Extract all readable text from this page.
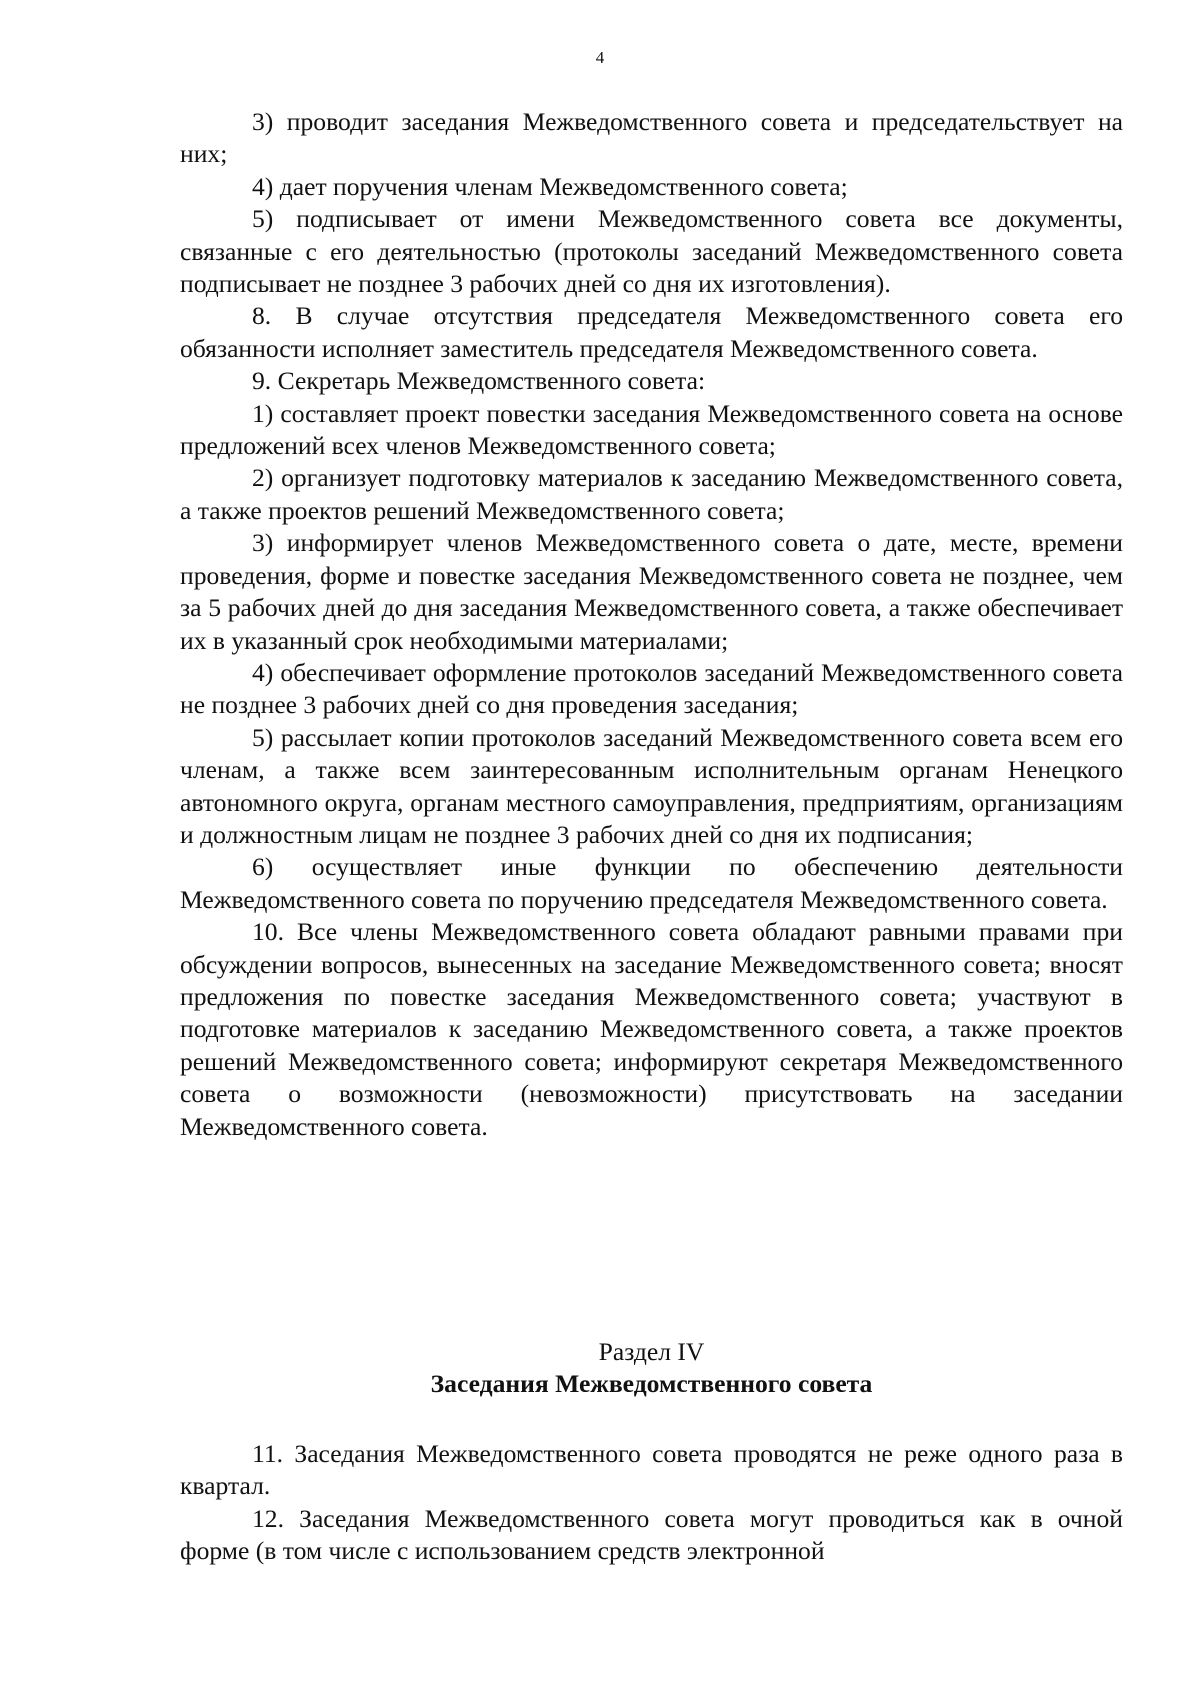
4

3) проводит заседания Межведомственного совета и председательствует на них;

4) дает поручения членам Межведомственного совета;

5) подписывает от имени Межведомственного совета все документы, связанные с его деятельностью (протоколы заседаний Межведомственного совета подписывает не позднее 3 рабочих дней со дня их изготовления).

8. В случае отсутствия председателя Межведомственного совета его обязанности исполняет заместитель председателя Межведомственного совета.

9. Секретарь Межведомственного совета:

1) составляет проект повестки заседания Межведомственного совета на основе предложений всех членов Межведомственного совета;

2) организует подготовку материалов к заседанию Межведомственного совета, а также проектов решений Межведомственного совета;

3) информирует членов Межведомственного совета о дате, месте, времени проведения, форме и повестке заседания Межведомственного совета не позднее, чем за 5 рабочих дней до дня заседания Межведомственного совета, а также обеспечивает их в указанный срок необходимыми материалами;

4) обеспечивает оформление протоколов заседаний Межведомственного совета не позднее 3 рабочих дней со дня проведения заседания;

5) рассылает копии протоколов заседаний Межведомственного совета всем его членам, а также всем заинтересованным исполнительным органам Ненецкого автономного округа, органам местного самоуправления, предприятиям, организациям и должностным лицам не позднее 3 рабочих дней со дня их подписания;

6) осуществляет иные функции по обеспечению деятельности Межведомственного совета по поручению председателя Межведомственного совета.

10. Все члены Межведомственного совета обладают равными правами при обсуждении вопросов, вынесенных на заседание Межведомственного совета; вносят предложения по повестке заседания Межведомственного совета; участвуют в подготовке материалов к заседанию Межведомственного совета, а также проектов решений Межведомственного совета; информируют секретаря Межведомственного совета о возможности (невозможности) присутствовать на заседании Межведомственного совета.

Раздел IV

Заседания Межведомственного совета

11. Заседания Межведомственного совета проводятся не реже одного раза в квартал.

12. Заседания Межведомственного совета могут проводиться как в очной форме (в том числе с использованием средств электронной
